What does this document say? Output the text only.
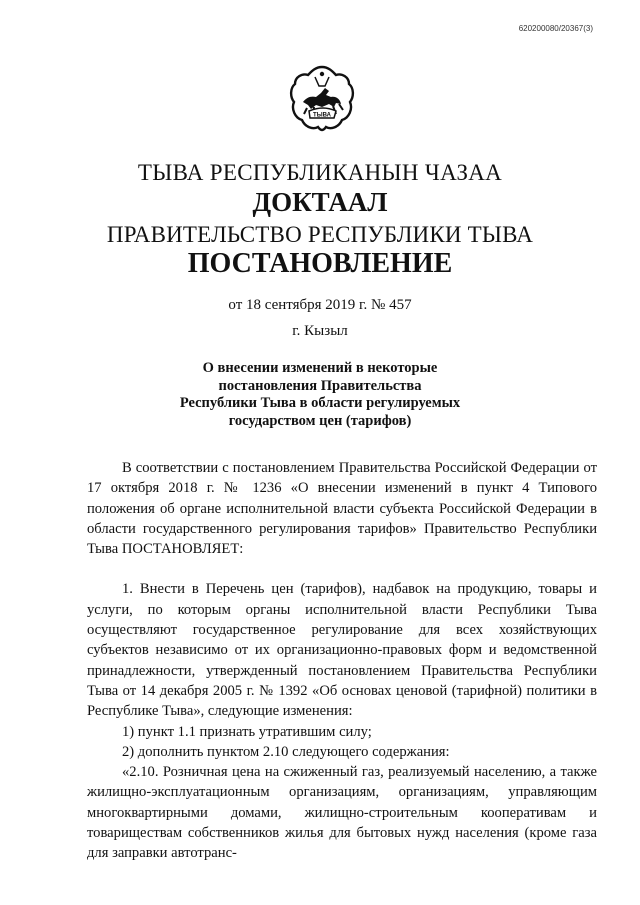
620200080/20367(3)
ТЫВА
ТЫВА РЕСПУБЛИКАНЫН ЧАЗАА
ДОКТААЛ
ПРАВИТЕЛЬСТВО РЕСПУБЛИКИ ТЫВА
ПОСТАНОВЛЕНИЕ
от 18 сентября 2019 г. № 457
г. Кызыл
О внесении изменений в некоторые
постановления Правительства
Республики Тыва в области регулируемых
государством цен (тарифов)

В соответствии с постановлением Правительства Российской Федерации от 17 октября 2018 г. № 1236 «О внесении изменений в пункт 4 Типового положения об органе исполнительной власти субъекта Российской Федерации в области государственного регулирования тарифов» Правительство Республики Тыва ПОСТАНОВЛЯЕТ:

1. Внести в Перечень цен (тарифов), надбавок на продукцию, товары и услуги, по которым органы исполнительной власти Республики Тыва осуществляют государственное регулирование для всех хозяйствующих субъектов независимо от их организационно-правовых форм и ведомственной принадлежности, утвержденный постановлением Правительства Республики Тыва от 14 декабря 2005 г. № 1392 «Об основах ценовой (тарифной) политики в Республике Тыва», следующие изменения:

1) пункт 1.1 признать утратившим силу;

2) дополнить пунктом 2.10 следующего содержания:

«2.10. Розничная цена на сжиженный газ, реализуемый населению, а также жилищно-эксплуатационным организациям, организациям, управляющим многоквартирными домами, жилищно-строительным кооперативам и товариществам собственников жилья для бытовых нужд населения (кроме газа для заправки автотранс-
